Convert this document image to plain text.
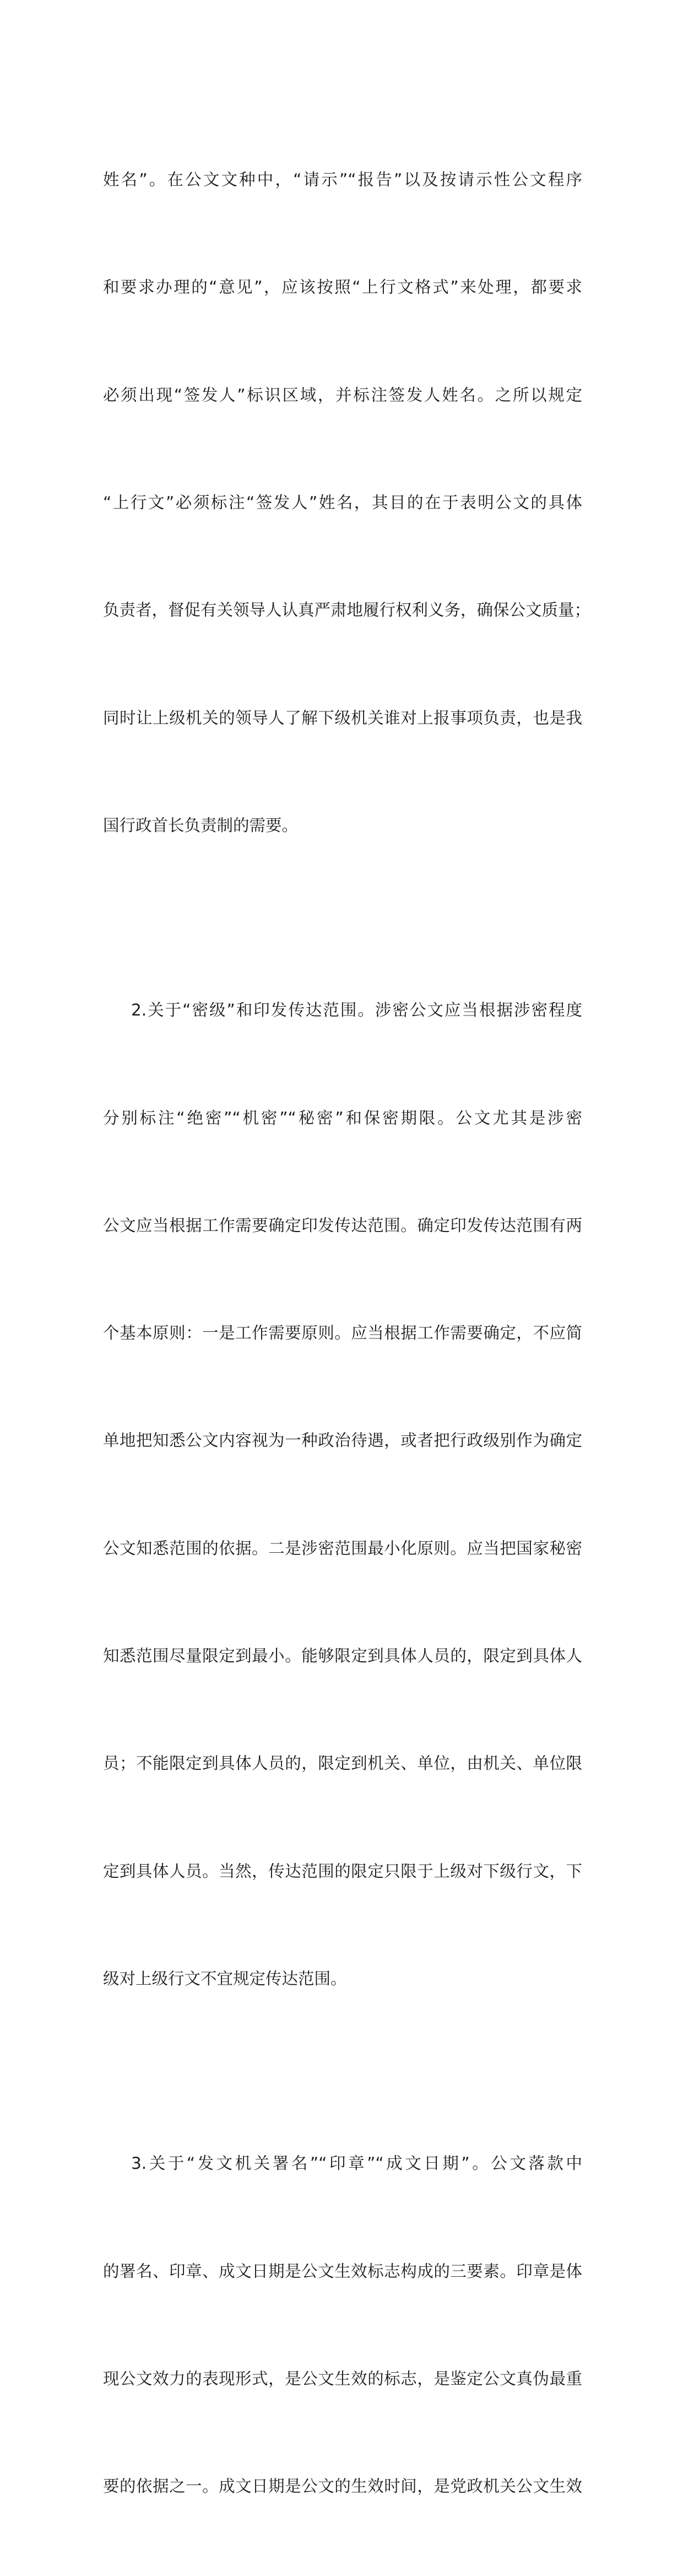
姓名”。在公文文种中，“请示”“报告”以及按请示性公文程序

和要求办理的“意见”，应该按照“上行文格式”来处理，都要求

必须出现“签发人”标识区域，并标注签发人姓名。之所以规定

“上行文”必须标注“签发人”姓名，其目的在于表明公文的具体

负责者，督促有关领导人认真严肃地履行权利义务，确保公文质量；

同时让上级机关的领导人了解下级机关谁对上报事项负责，也是我

国行政首长负责制的需要。

2.关于“密级”和印发传达范围。涉密公文应当根据涉密程度

分别标注“绝密”“机密”“秘密”和保密期限。公文尤其是涉密

公文应当根据工作需要确定印发传达范围。确定印发传达范围有两

个基本原则：一是工作需要原则。应当根据工作需要确定，不应简

单地把知悉公文内容视为一种政治待遇，或者把行政级别作为确定

公文知悉范围的依据。二是涉密范围最小化原则。应当把国家秘密

知悉范围尽量限定到最小。能够限定到具体人员的，限定到具体人

员；不能限定到具体人员的，限定到机关、单位，由机关、单位限

定到具体人员。当然，传达范围的限定只限于上级对下级行文，下

级对上级行文不宜规定传达范围。

3.关于“发文机关署名”“印章”“成文日期”。公文落款中

的署名、印章、成文日期是公文生效标志构成的三要素。印章是体

现公文效力的表现形式，是公文生效的标志，是鉴定公文真伪最重

要的依据之一。成文日期是公文的生效时间，是党政机关公文生效
